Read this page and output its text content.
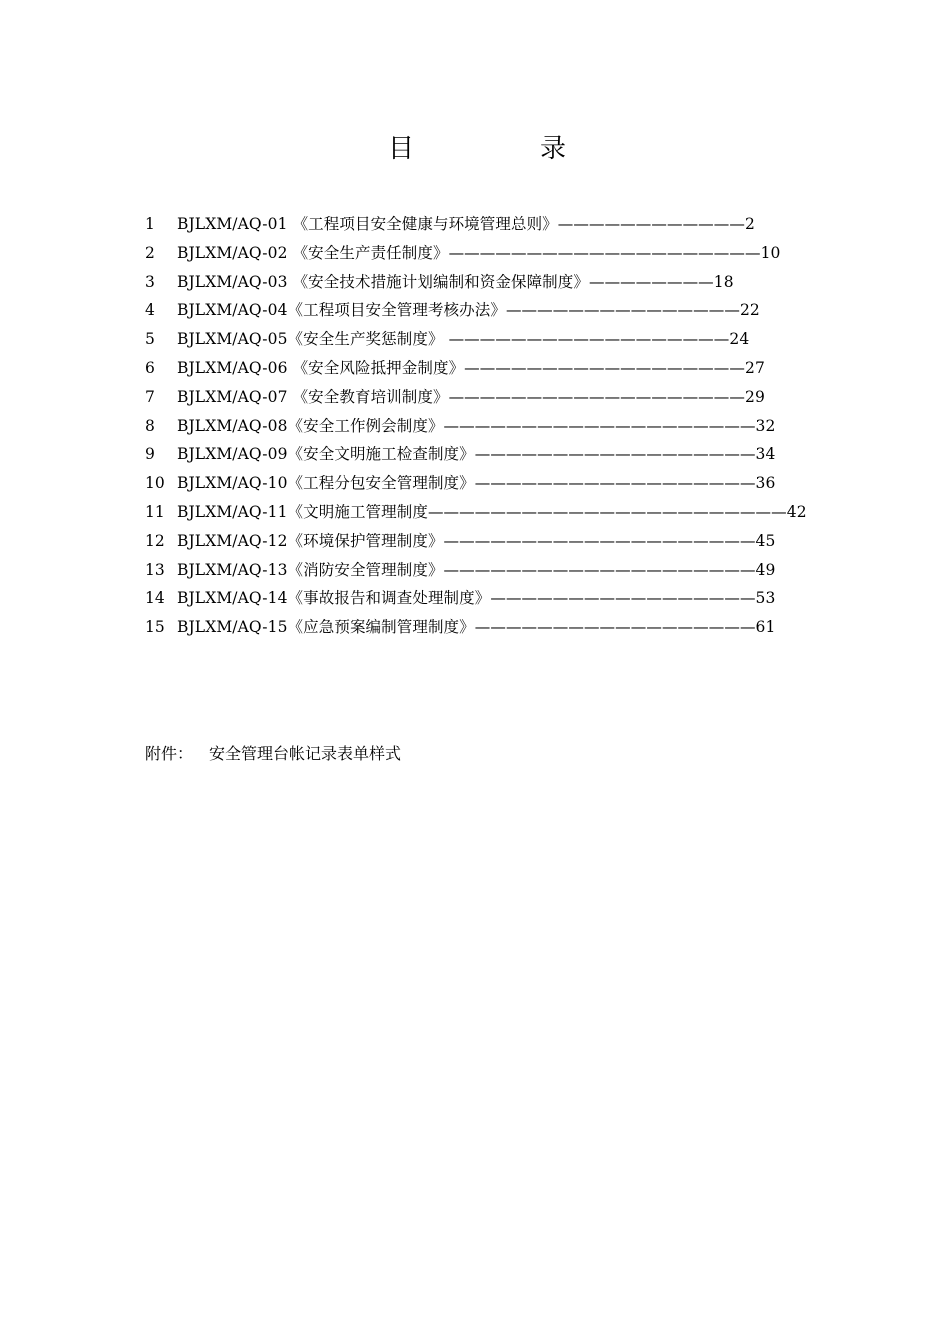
目	录
1 BJLXM/AQ-01 《工程项目安全健康与环境管理总则》————————————2
2 BJLXM/AQ-02 《安全生产责任制度》————————————————————10
3 BJLXM/AQ-03 《安全技术措施计划编制和资金保障制度》————————18
4 BJLXM/AQ-04《工程项目安全管理考核办法》———————————————22
5 BJLXM/AQ-05《安全生产奖惩制度》 ——————————————————24
6 BJLXM/AQ-06 《安全风险抵押金制度》——————————————————27
7 BJLXM/AQ-07 《安全教育培训制度》———————————————————29
8 BJLXM/AQ-08《安全工作例会制度》————————————————————32
9 BJLXM/AQ-09《安全文明施工检查制度》——————————————————34
10 BJLXM/AQ-10《工程分包安全管理制度》——————————————————36
11 BJLXM/AQ-11《文明施工管理制度———————————————————————42
12 BJLXM/AQ-12《环境保护管理制度》————————————————————45
13 BJLXM/AQ-13《消防安全管理制度》————————————————————49
14 BJLXM/AQ-14《事故报告和调查处理制度》—————————————————53
15 BJLXM/AQ-15《应急预案编制管理制度》——————————————————61
附件： 安全管理台帐记录表单样式
